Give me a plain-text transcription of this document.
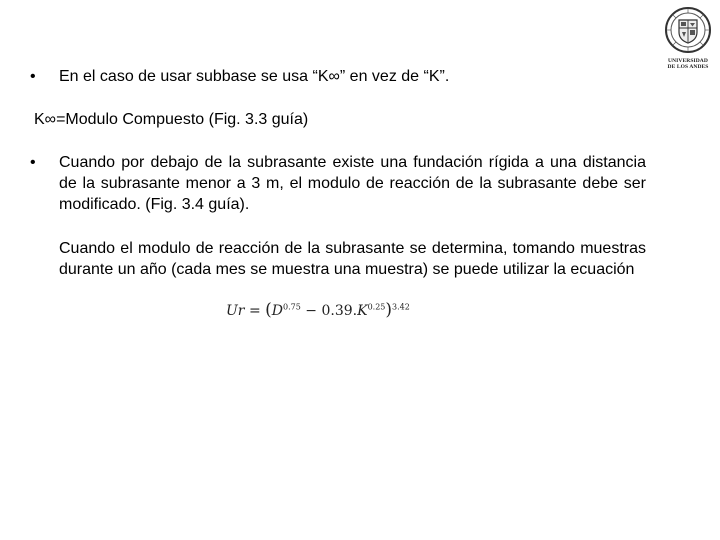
UNIVERSIDAD
DE LOS ANDES
• En el caso de usar subbase se usa “K∞” en vez de “K”.
K∞=Modulo Compuesto (Fig. 3.3 guía)
• Cuando por debajo de la subrasante existe una fundación rígida a una distancia de la subrasante menor a 3 m, el modulo de reacción de la subrasante debe ser modificado. (Fig. 3.4 guía).
Cuando el modulo de reacción de la subrasante se determina, tomando muestras durante un año (cada mes se muestra una muestra) se puede utilizar la ecuación
$Ur = (D^{0.75} - 0.39.K^{0.25})^{3.42}$
